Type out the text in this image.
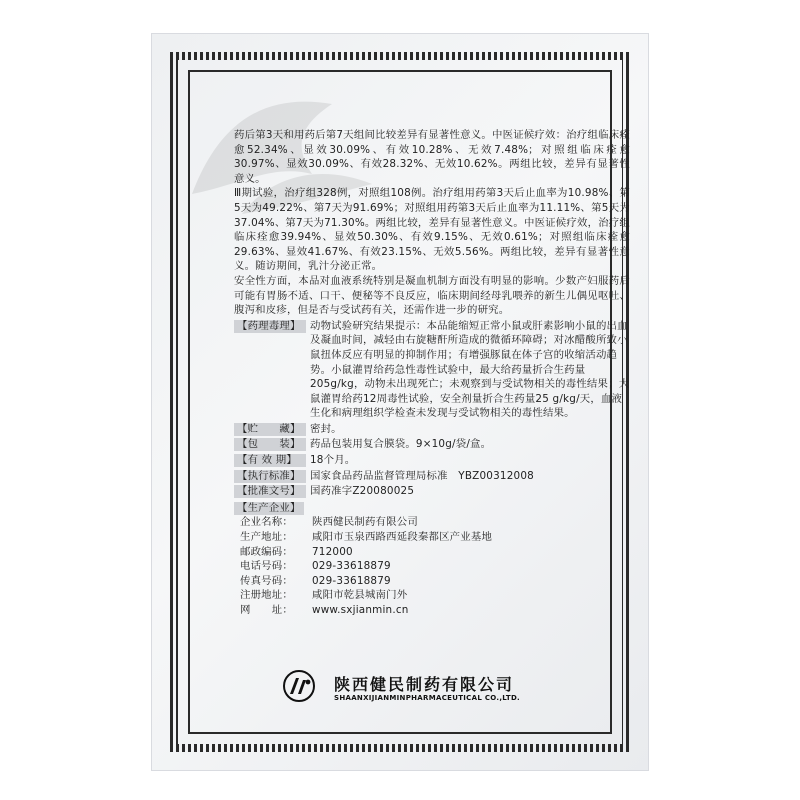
药后第3天和用药后第7天组间比较差异有显著性意义。中医证候疗效：治疗组临床痊愈52.34%、显效30.09%、有效10.28%、无效7.48%；对照组临床痊愈30.97%、显效30.09%、有效28.32%、无效10.62%。两组比较，差异有显著性意义。

Ⅲ期试验，治疗组328例，对照组108例。治疗组用药第3天后止血率为10.98%、第5天为49.22%、第7天为91.69%；对照组用药第3天后止血率为11.11%、第5天为37.04%、第7天为71.30%。两组比较，差异有显著性意义。中医证候疗效，治疗组临床痊愈39.94%、显效50.30%、有效9.15%、无效0.61%；对照组临床痊愈29.63%、显效41.67%、有效23.15%、无效5.56%。两组比较，差异有显著性意义。随访期间，乳汁分泌正常。

安全性方面，本品对血液系统特别是凝血机制方面没有明显的影响。少数产妇服药后可能有胃肠不适、口干、便秘等不良反应，临床期间经母乳喂养的新生儿偶见呕吐、腹泻和皮疹，但是否与受试药有关，还需作进一步的研究。

【药理毒理】 动物试验研究结果提示：本品能缩短正常小鼠或肝素影响小鼠的出血及凝血时间，减轻由右旋糖酐所造成的微循环障碍；对冰醋酸所致小鼠扭体反应有明显的抑制作用；有增强豚鼠在体子宫的收缩活动趋势。小鼠灌胃给药急性毒性试验中，最大给药量折合生药量205g/kg，动物未出现死亡；未观察到与受试物相关的毒性结果；大鼠灌胃给药12周毒性试验，安全剂量折合生药量25 g/kg/天，血液生化和病理组织学检查未发现与受试物相关的毒性结果。
【贮　　藏】 密封。
【包　　装】 药品包装用复合膜袋。9×10g/袋/盒。
【有 效 期】	18个月。
【执行标准】 国家食品药品监督管理局标准　YBZ00312008
【批准文号】 国药准字Z20080025
【生产企业】
企业名称：	陕西健民制药有限公司
生产地址：	咸阳市玉泉西路西延段秦都区产业基地
邮政编码：	712000
电话号码：	029-33618879
传真号码：	029-33618879
注册地址：	咸阳市乾县城南门外
网　　址：	www.sxjianmin.cn
陕西健民制药有限公司
SHAANXIJIANMINPHARMACEUTICAL CO.,LTD.
